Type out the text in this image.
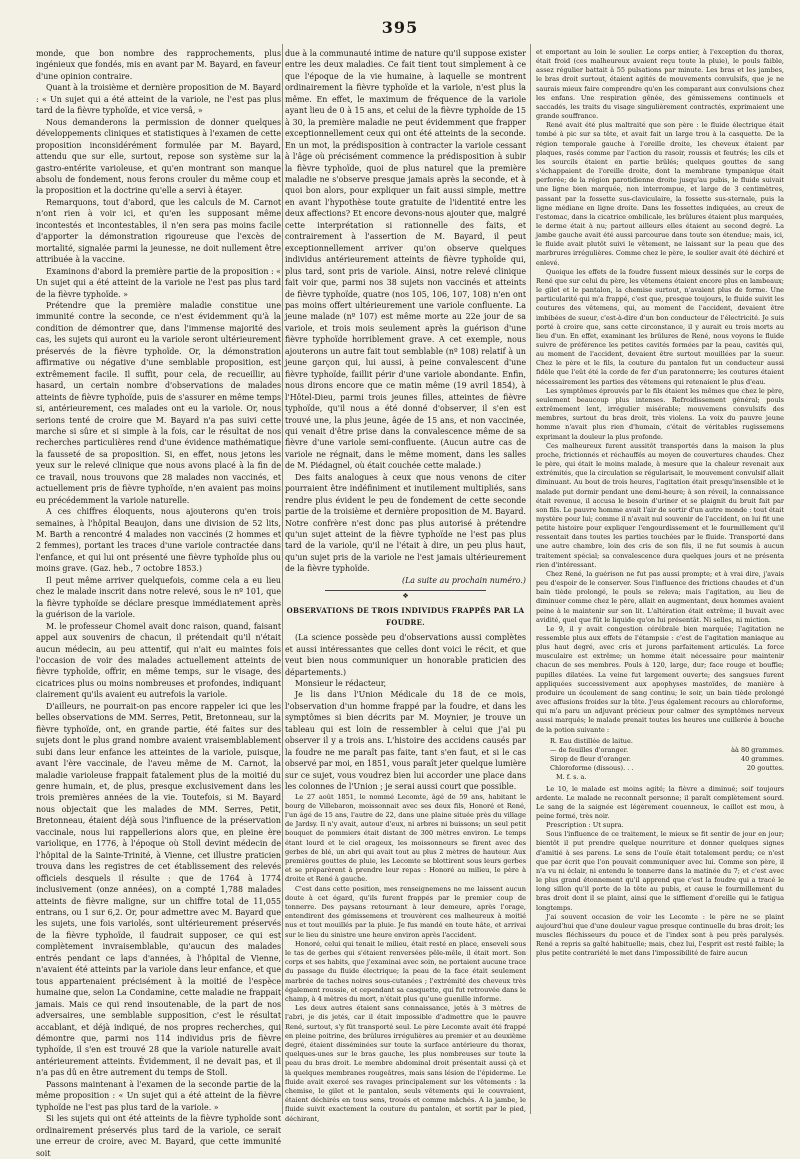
395

monde, que bon nombre des rapprochements, plus ingénieux que fondés, mis en avant par M. Bayard, en faveur d'une opinion contraire.

Quant à la troisième et dernière proposition de M. Bayard : « Un sujet qui a été atteint de la variole, ne l'est pas plus tard de la fièvre typhoïde, et vice versâ, »

Nous demanderons la permission de donner quelques développements cliniques et statistiques à l'examen de cette proposition inconsidérément formulée par M. Bayard, attendu que sur elle, surtout, repose son système sur la gastro-entérite varioleuse, et qu'en montrant son manque absolu de fondement, nous ferons crouler du même coup et la proposition et la doctrine qu'elle a servi à étayer.

Remarquons, tout d'abord, que les calculs de M. Carnot n'ont rien à voir ici, et qu'en les supposant même incontestés et incontestables, il n'en sera pas moins facile d'apporter la démonstration rigoureuse que l'excès de mortalité, signalée parmi la jeunesse, ne doit nullement être attribuée à la vaccine.

Examinons d'abord la première partie de la proposition : « Un sujet qui a été atteint de la variole ne l'est pas plus tard de la fièvre typhoïde. »

Prétendre que la première maladie constitue une immunité contre la seconde, ce n'est évidemment qu'à la condition de démontrer que, dans l'immense majorité des cas, les sujets qui auront eu la variole seront ultérieurement préservés de la fièvre typhoïde. Or, la démonstration affirmative ou négative d'une semblable proposition, est extrêmement facile. Il suffit, pour cela, de recueillir, au hasard, un certain nombre d'observations de malades atteints de fièvre typhoïde, puis de s'assurer en même temps si, antérieurement, ces malades ont eu la variole. Or, nous serions tenté de croire que M. Bayard n'a pas suivi cette marche si sûre et si simple à la fois, car le résultat de nos recherches particulières rend d'une évidence mathématique la fausseté de sa proposition. Si, en effet, nous jetons les yeux sur le relevé clinique que nous avons placé à la fin de ce travail, nous trouvons que 28 malades non vaccinés, et actuellement pris de fièvre typhoïde, n'en avaient pas moins eu précédemment la variole naturelle.

A ces chiffres éloquents, nous ajouterons qu'en trois semaines, à l'hôpital Beaujon, dans une division de 52 lits, M. Barth a rencontré 4 malades non vaccinés (2 hommes et 2 femmes), portant les traces d'une variole contractée dans l'enfance, et qui lui ont présenté une fièvre typhoïde plus ou moins grave. (Gaz. heb., 7 octobre 1853.)

Il peut même arriver quelquefois, comme cela a eu lieu chez le malade inscrit dans notre relevé, sous le nº 101, que la fièvre typhoïde se déclare presque immédiatement après la guérison de la variole.

M. le professeur Chomel avait donc raison, quand, faisant appel aux souvenirs de chacun, il prétendait qu'il n'était aucun médecin, au peu attentif, qui n'ait eu maintes fois l'occasion de voir des malades actuellement atteints de fièvre typhoïde, offrir, en même temps, sur le visage, des cicatrices plus ou moins nombreuses et profondes, indiquant clairement qu'ils avaient eu autrefois la variole.

D'ailleurs, ne pourrait-on pas encore rappeler ici que les belles observations de MM. Serres, Petit, Bretonneau, sur la fièvre typhoïde, ont, en grande partie, été faites sur des sujets dont le plus grand nombre avaient vraisemblablement subi dans leur enfance les atteintes de la variole, puisque, avant l'ère vaccinale, de l'aveu même de M. Carnot, la maladie varioleuse frappait fatalement plus de la moitié du genre humain, et, de plus, presque exclusivement dans les trois premières années de la vie. Toutefois, si M. Bayard nous objectait que les malades de MM. Serres, Petit, Bretonneau, étaient déjà sous l'influence de la préservation vaccinale, nous lui rappellerions alors que, en pleine ère variolique, en 1776, à l'époque où Stoll devint médecin de l'hôpital de la Sainte-Trinité, à Vienne, cet illustre praticien trouva dans les registres de cet établissement des relevés officiels desquels il résulte : que de 1764 à 1774 inclusivement (onze années), on a compté 1,788 malades atteints de fièvre maligne, sur un chiffre total de 11,055 entrans, ou 1 sur 6,2. Or, pour admettre avec M. Bayard que les sujets, une fois variolés, sont ultérieurement préservés de la fièvre typhoïde, il faudrait supposer, ce qui est complètement invraisemblable, qu'aucun des malades entrés pendant ce laps d'années, à l'hôpital de Vienne, n'avaient été atteints par la variole dans leur enfance, et que tous appartenaient précisément à la moitié de l'espèce humaine que, selon La Condamine, cette maladie ne frappait jamais. Mais ce qui rend insoutenable, de la part de nos adversaires, une semblable supposition, c'est le résultat accablant, et déjà indiqué, de nos propres recherches, qui démontre que, parmi nos 114 individus pris de fièvre typhoïde, il s'en est trouvé 28 que la variole naturelle avait antérieurement atteints. Évidemment, il ne devait pas, et il n'a pas dû en être autrement du temps de Stoll.

Passons maintenant à l'examen de la seconde partie de la même proposition : « Un sujet qui a été atteint de la fièvre typhoïde ne l'est pas plus tard de la variole. »

Si les sujets qui ont été atteints de la fièvre typhoïde sont ordinairement préservés plus tard de la variole, ce serait une erreur de croire, avec M. Bayard, que cette immunité soit

due à la communauté intime de nature qu'il suppose exister entre les deux maladies. Ce fait tient tout simplement à ce que l'époque de la vie humaine, à laquelle se montrent ordinairement la fièvre typhoïde et la variole, n'est plus la même. En effet, le maximum de fréquence de la variole ayant lieu de 0 à 15 ans, et celui de la fièvre typhoïde de 15 à 30, la première maladie ne peut évidemment que frapper exceptionnellement ceux qui ont été atteints de la seconde. En un mot, la prédisposition à contracter la variole cessant à l'âge où précisément commence la prédisposition à subir la fièvre typhoïde, quoi de plus naturel que la première maladie ne s'observe presque jamais après la seconde, et à quoi bon alors, pour expliquer un fait aussi simple, mettre en avant l'hypothèse toute gratuite de l'identité entre les deux affections? Et encore devons-nous ajouter que, malgré cette interprétation si rationnelle des faits, et contrairement à l'assertion de M. Bayard, il peut exceptionnellement arriver qu'on observe quelques individus antérieurement atteints de fièvre typhoïde qui, plus tard, sont pris de variole. Ainsi, notre relevé clinique fait voir que, parmi nos 38 sujets non vaccinés et atteints de fièvre typhoïde, quatre (nos 105, 106, 107, 108) n'en ont pas moins offert ultérieurement une variole confluente. La jeune malade (nº 107) est même morte au 22e jour de sa variole, et trois mois seulement après la guérison d'une fièvre typhoïde horriblement grave. A cet exemple, nous ajouterons un autre fait tout semblable (nº 108) relatif à un jeune garçon qui, lui aussi, à peine convalescent d'une fièvre typhoïde, faillit périr d'une variole abondante. Enfin, nous dirons encore que ce matin même (19 avril 1854), à l'Hôtel-Dieu, parmi trois jeunes filles, atteintes de fièvre typhoïde, qu'il nous a été donné d'observer, il s'en est trouvé une, la plus jeune, âgée de 15 ans, et non vaccinée, qui venait d'être prise dans la convalescence même de sa fièvre d'une variole semi-confluente. (Aucun autre cas de variole ne régnait, dans le même moment, dans les salles de M. Piédagnel, où était couchée cette malade.)

Des faits analogues à ceux que nous venons de citer pourraient être indéfiniment et inutilement multipliés, sans rendre plus évident le peu de fondement de cette seconde partie de la troisième et dernière proposition de M. Bayard. Notre confrère n'est donc pas plus autorisé à prétendre qu'un sujet atteint de la fièvre typhoïde ne l'est pas plus tard de la variole, qu'il ne l'était à dire, un peu plus haut, qu'un sujet pris de la variole ne l'est jamais ultérieurement de la fièvre typhoïde.

(La suite au prochain numéro.)

❖
OBSERVATIONS DE TROIS INDIVIDUS FRAPPÉS PAR LA FOUDRE.

(La science possède peu d'observations aussi complètes et aussi intéressantes que celles dont voici le récit, et que veut bien nous communiquer un honorable praticien des départements.)

Monsieur le rédacteur,

Je lis dans l'Union Médicale du 18 de ce mois, l'observation d'un homme frappé par la foudre, et dans les symptômes si bien décrits par M. Moynier, je trouve un tableau qui est loin de ressembler à celui que j'ai pu observer il y a trois ans. L'histoire des accidens causés par la foudre ne me paraît pas faite, tant s'en faut, et si le cas observé par moi, en 1851, vous paraît jeter quelque lumière sur ce sujet, vous voudrez bien lui accorder une place dans les colonnes de l'Union ; je serai aussi court que possible.

Le 27 août 1851, le nommé Lecomte, âgé de 59 ans, habitant le bourg de Villebaron, moissonnait avec ses deux fils, Honoré et René, l'un âgé de 15 ans, l'autre de 22, dans une plaine située près du village de Jardsy. Il n'y avait, autour d'eux, ni arbres ni buissons; un seul petit bouquet de pommiers était distant de 300 mètres environ. Le temps étant lourd et le ciel orageux, les moissonneurs se firent avec des gerbes de blé, un abri qui avait tout au plus 2 mètres de hauteur. Aux premières gouttes de pluie, les Lecomte se blottirent sous leurs gerbes et se préparèrent à prendre leur repas : Honoré au milieu, le père à droite et René à gauche.

C'est dans cette position, mes renseignemens ne me laissent aucun doute à cet égard, qu'ils furent frappés par le premier coup de tonnerre. Des paysans retournant à leur demeure, après l'orage, entendirent des gémissemens et trouvèrent ces malheureux à moitié nus et tout mouillés par la pluie. Je fus mandé en toute hâte, et arrivai sur le lieu du sinistre une heure environ après l'accident.

Honoré, celui qui tenait le milieu, était resté en place, enseveli sous le tas de gerbes qui s'étaient renversées pêle-mêle, il était mort. Son corps et ses habits, que j'examinai avec soin, ne portaient aucune trace du passage du fluide électrique; la peau de la face était seulement marbrée de taches noires sous-cutanées ; l'extrémité des cheveux très également roussie, et cependant sa casquette, qui fut retrouvée dans le champ, à 4 mètres du mort, n'était plus qu'une guenille informe.

Les deux autres étaient sans connaissance, jetés à 3 mètres de l'abri, je dis jetés, car il était impossible d'admettre que le pauvre René, surtout, s'y fût transporté seul. Le père Lecomte avait été frappé en pleine poitrine, des brûlures irrégulières au premier et au deuxième degré, étaient disséminées sur toute la surface antérieure du thorax, quelques-unes sur le bras gauche, les plus nombreuses sur toute la peau du bras droit. Le membre abdominal droit présentait aussi çà et là quelques membranes rougeâtres, mais sans lésion de l'épiderme. Le fluide avait exercé ses ravages principalement sur les vêtements : la chemise, le gilet et le pantalon, seuls vêtements qui le couvraient, étaient déchirés en tous sens, troués et comme mâchés. A la jambe, le fluide suivit exactement la couture du pantalon, et sortit par le pied, déchirant,

et emportant au loin le soulier. Le corps entier, à l'exception du thorax, était froid (ces malheureux avaient reçu toute la pluie), le pouls faible, assez régulier battait à 55 pulsations par minute. Les bras et les jambes, le bras droit surtout, étaient agités de mouvements convulsifs, que je ne saurais mieux faire comprendre qu'en les comparant aux convulsions chez les enfans. Une respiration gênée, des gémissemens continuels et saccadés, les traits du visage singulièrement contractés, exprimaient une grande souffrance.

René avait été plus maltraité que son père : le fluide électrique était tombé à pic sur sa tête, et avait fait un large trou à la casquette. De la région temporale gauche à l'oreille droite, les cheveux étaient par plaques, rasés comme par l'action du rasoir, roussis et feutrés; les cils et les sourcils étaient en partie brûlés; quelques gouttes de sang s'échappaient de l'oreille droite, dont la membrane tympanique était perforée; de la région parotidienne droite jusqu'au pubis, le fluide suivait une ligne bien marquée, non interrompue, et large de 3 centimètres, passant par la fossette sus-claviculaire, la fossette sus-sternale, puis la ligne médiane en ligne droite. Dans les fossettes indiquées, au creux de l'estomac, dans la cicatrice ombilicale, les brûlures étaient plus marquées, le derme était à nu; partout ailleurs elles étaient au second degré. La jambe gauche avait été aussi parcourue dans toute son étendue; mais, ici, le fluide avait plutôt suivi le vêtement, ne laissant sur la peau que des marbrures irrégulières. Comme chez le père, le soulier avait été déchiré et enlevé.

Quoique les effets de la foudre fussent mieux dessinés sur le corps de René que sur celui du père, les vêtemens étaient encore plus en lambeaux; le gilet et le pantalon, la chemise surtout, n'avaient plus de forme. Une particularité qui m'a frappé, c'est que, presque toujours, le fluide suivit les coutures des vêtemens, qui, au moment de l'accident, devaient être imbibées de sueur, c'est-à-dire d'un bon conducteur de l'électricité. Je suis porté à croire que, sans cette circonstance, il y aurait eu trois morts au lieu d'un. En effet, examinant les brûlures de René, nous voyons le fluide suivre de préférence les petites cavités formées par la peau, cavités qui, au moment de l'accident, devaient être surtout mouillées par la sueur. Chez le père et le fils, la couture du pantalon fut un conducteur aussi fidèle que l'eût été la corde de fer d'un paratonnerre; les coutures étaient nécessairement les parties des vêtemens qui retenaient le plus d'eau.

Les symptômes éprouvés par le fils étaient les mêmes que chez le père, seulement beaucoup plus intenses. Refroidissement général; pouls extrêmement lent, irrégulier misérable; mouvemens convulsifs des membres, surtout du bras droit, très violens. La voix du pauvre jeune homme n'avait plus rien d'humain, c'était de véritables rugissemens exprimant la douleur la plus profonde.

Ces malheureux furent aussitôt transportés dans la maison la plus proche, frictionnés et réchauffés au moyen de couvertures chaudes. Chez le père, qui était le moins malade, à mesure que la chaleur revenait aux extrémités, que la circulation se régularisait, le mouvement convulsif allait diminuant. Au bout de trois heures, l'agitation était presqu'insensible et le malade put dormir pendant une demi-heure; à son réveil, la connaissance était revenue, il accusa le besoin d'uriner et se plaignit du bruit fait par son fils. Le pauvre homme avait l'air de sortir d'un autre monde : tout était mystère pour lui; comme il n'avait nul souvenir de l'accident, on lui fit une petite histoire pour expliquer l'engourdissement et le fourmillement qu'il ressentait dans toutes les parties touchées par le fluide. Transporté dans une autre chambre, loin des cris de son fils, il ne fut soumis à aucun traitement spécial; sa convalescence dura quelques jours et ne présenta rien d'intéressant.

Chez René, la guérison ne fut pas aussi prompte; et à vrai dire, j'avais peu d'espoir de le conserver. Sous l'influence des frictions chaudes et d'un bain tiède prolongé, le pouls se releva; mais l'agitation, au lieu de diminuer comme chez le père, allait en augmentant, deux hommes avaient peine à le maintenir sur son lit. L'altération était extrême; il buvait avec avidité, quel que fût le liquide qu'on lui présentât. Ni selles, ni miction.

Le 9, il y avait congestion cérébrale bien marquée; l'agitation ne ressemble plus aux effets de l'étampsie : c'est de l'agitation maniaque au plus haut degré, avec cris et jurons parfaitement articulés. La force musculaire est extrême; un homme était nécessaire pour maintenir chacun de ses membres. Pouls à 120, large, dur; face rouge et bouffie; pupilles dilatées. La veine fut largement ouverte; des sangsues furent appliquées successivement aux apophyses mastoïdes, de manière à produire un écoulement de sang continu; le soir, un bain tiède prolongé avec affusions froides sur la tête. J'eus également recours au chloroforme, qui m'a paru un adjuvant précieux pour calmer des symptômes nerveux aussi marqués; le malade prenait toutes les heures une cuillerée à bouche de la potion suivante :

R. Eau distillée de laitue.
— de feuilles d'oranger.	àà 80 grammes.
Sirop de fleur d'oranger.	40 grammes.
Chloroforme (dissous). . .	20 gouttes.
M. f. s. a.

Le 10, le malade est moins agité; la fièvre a diminué; soif toujours ardente. Le malade ne reconnaît personne; il paraît complètement sourd. Le sang de la saignée est légèrement couenneux, le caillot est mou, à peine formé, très noir.

Prescription : Ut supra.

Sous l'influence de ce traitement, le mieux se fit sentir de jour en jour; bientôt il put prendre quelque nourriture et donner quelques signes d'amitié à ses parens. Le sens de l'ouïe était totalement perdu; ce n'est que par écrit que l'on pouvait communiquer avec lui. Comme son père, il n'a vu ni éclair, ni entendu le tonnerre dans la matinée du 7; et c'est avec le plus grand étonnement qu'il apprend que c'est la foudre qui a tracé le long sillon qu'il porte de la tête au pubis, et cause le fourmillement du bras droit dont il se plaint, ainsi que le sifflement d'oreille qui le fatigua longtemps.

J'ai souvent occasion de voir les Lecomte : le père ne se plaint aujourd'hui que d'une douleur vague presque continuelle du bras droit; les muscles fléchisseurs du pouce et de l'index sont à peu près paralysés. René a repris sa gaîté habituelle; mais, chez lui, l'esprit est resté faible; la plus petite contrariété le met dans l'impossibilité de faire aucun
